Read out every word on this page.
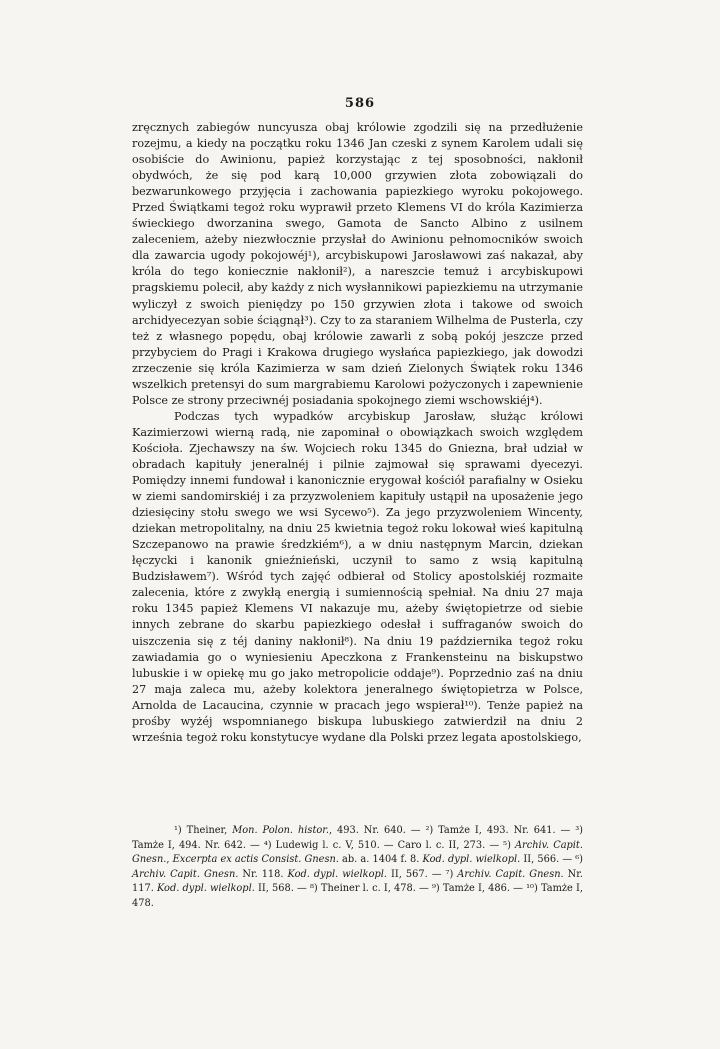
586

zręcznych zabiegów nuncyusza obaj królowie zgodzili się na przedłużenie rozejmu, a kiedy na początku roku 1346 Jan czeski z synem Karolem udali się osobiście do Awinionu, papież korzystając z tej sposobności, nakłonił obydwóch, że się pod karą 10,000 grzywien złota zobowiązali do bezwarunkowego przyjęcia i zachowania papiezkiego wyroku pokojowego. Przed Świątkami tegoż roku wyprawił przeto Klemens VI do króla Kazimierza świeckiego dworzanina swego, Gamota de Sancto Albino z usilnem zaleceniem, ażeby niezwłocznie przysłał do Awinionu pełnomocników swoich dla zawarcia ugody pokojowéj¹), arcybiskupowi Jarosławowi zaś nakazał, aby króla do tego koniecznie nakłonił²), a nareszcie temuż i arcybiskupowi pragskiemu polecił, aby każdy z nich wysłannikowi papiezkiemu na utrzymanie wyliczył z swoich pieniędzy po 150 grzywien złota i takowe od swoich archidyecezyan sobie ściągnął³). Czy to za staraniem Wilhelma de Pusterla, czy też z własnego popędu, obaj królowie zawarli z sobą pokój jeszcze przed przybyciem do Pragi i Krakowa drugiego wysłańca papiezkiego, jak dowodzi zrzeczenie się króla Kazimierza w sam dzień Zielonych Świątek roku 1346 wszelkich pretensyi do sum margrabiemu Karolowi pożyczonych i zapewnienie Polsce ze strony przeciwnéj posiadania spokojnego ziemi wschowskiéj⁴).

Podczas tych wypadków arcybiskup Jarosław, służąc królowi Kazimierzowi wierną radą, nie zapominał o obowiązkach swoich względem Kościoła. Zjechawszy na św. Wojciech roku 1345 do Gniezna, brał udział w obradach kapituły jeneralnéj i pilnie zajmował się sprawami dyecezyi. Pomiędzy innemi fundował i kanonicznie erygował kościół parafialny w Osieku w ziemi sandomirskiéj i za przyzwoleniem kapituły ustąpił na uposażenie jego dziesięciny stołu swego we wsi Sycewo⁵). Za jego przyzwoleniem Wincenty, dziekan metropolitalny, na dniu 25 kwietnia tegoż roku lokował wieś kapitulną Szczepanowo na prawie średzkiém⁶), a w dniu następnym Marcin, dziekan łęczycki i kanonik gnieźnieński, uczynił to samo z wsią kapitulną Budzisławem⁷). Wśród tych zajęć odbierał od Stolicy apostolskiéj rozmaite zalecenia, które z zwykłą energią i sumiennością spełniał. Na dniu 27 maja roku 1345 papież Klemens VI nakazuje mu, ażeby świętopietrze od siebie innych zebrane do skarbu papiezkiego odesłał i suffraganów swoich do uiszczenia się z téj daniny nakłonił⁸). Na dniu 19 października tegoż roku zawiadamia go o wyniesieniu Apeczkona z Frankensteinu na biskupstwo lubuskie i w opiekę mu go jako metropolicie oddaje⁹). Poprzednio zaś na dniu 27 maja zaleca mu, ażeby kolektora jeneralnego świętopietrza w Polsce, Arnolda de Lacaucina, czynnie w pracach jego wspierał¹⁰). Tenże papież na prośby wyżéj wspomnianego biskupa lubuskiego zatwierdził na dniu 2 września tegoż roku konstytucye wydane dla Polski przez legata apostolskiego,

¹) Theiner, Mon. Polon. histor., 493. Nr. 640. — ²) Tamże I, 493. Nr. 641. — ³) Tamże I, 494. Nr. 642. — ⁴) Ludewig l. c. V, 510. — Caro l. c. II, 273. — ⁵) Archiv. Capit. Gnesn., Excerpta ex actis Consist. Gnesn. ab. a. 1404 f. 8. Kod. dypl. wielkopl. II, 566. — ⁶) Archiv. Capit. Gnesn. Nr. 118. Kod. dypl. wielkopl. II, 567. — ⁷) Archiv. Capit. Gnesn. Nr. 117. Kod. dypl. wielkopl. II, 568. — ⁸) Theiner l. c. I, 478. — ⁹) Tamże I, 486. — ¹⁰) Tamże I, 478.
